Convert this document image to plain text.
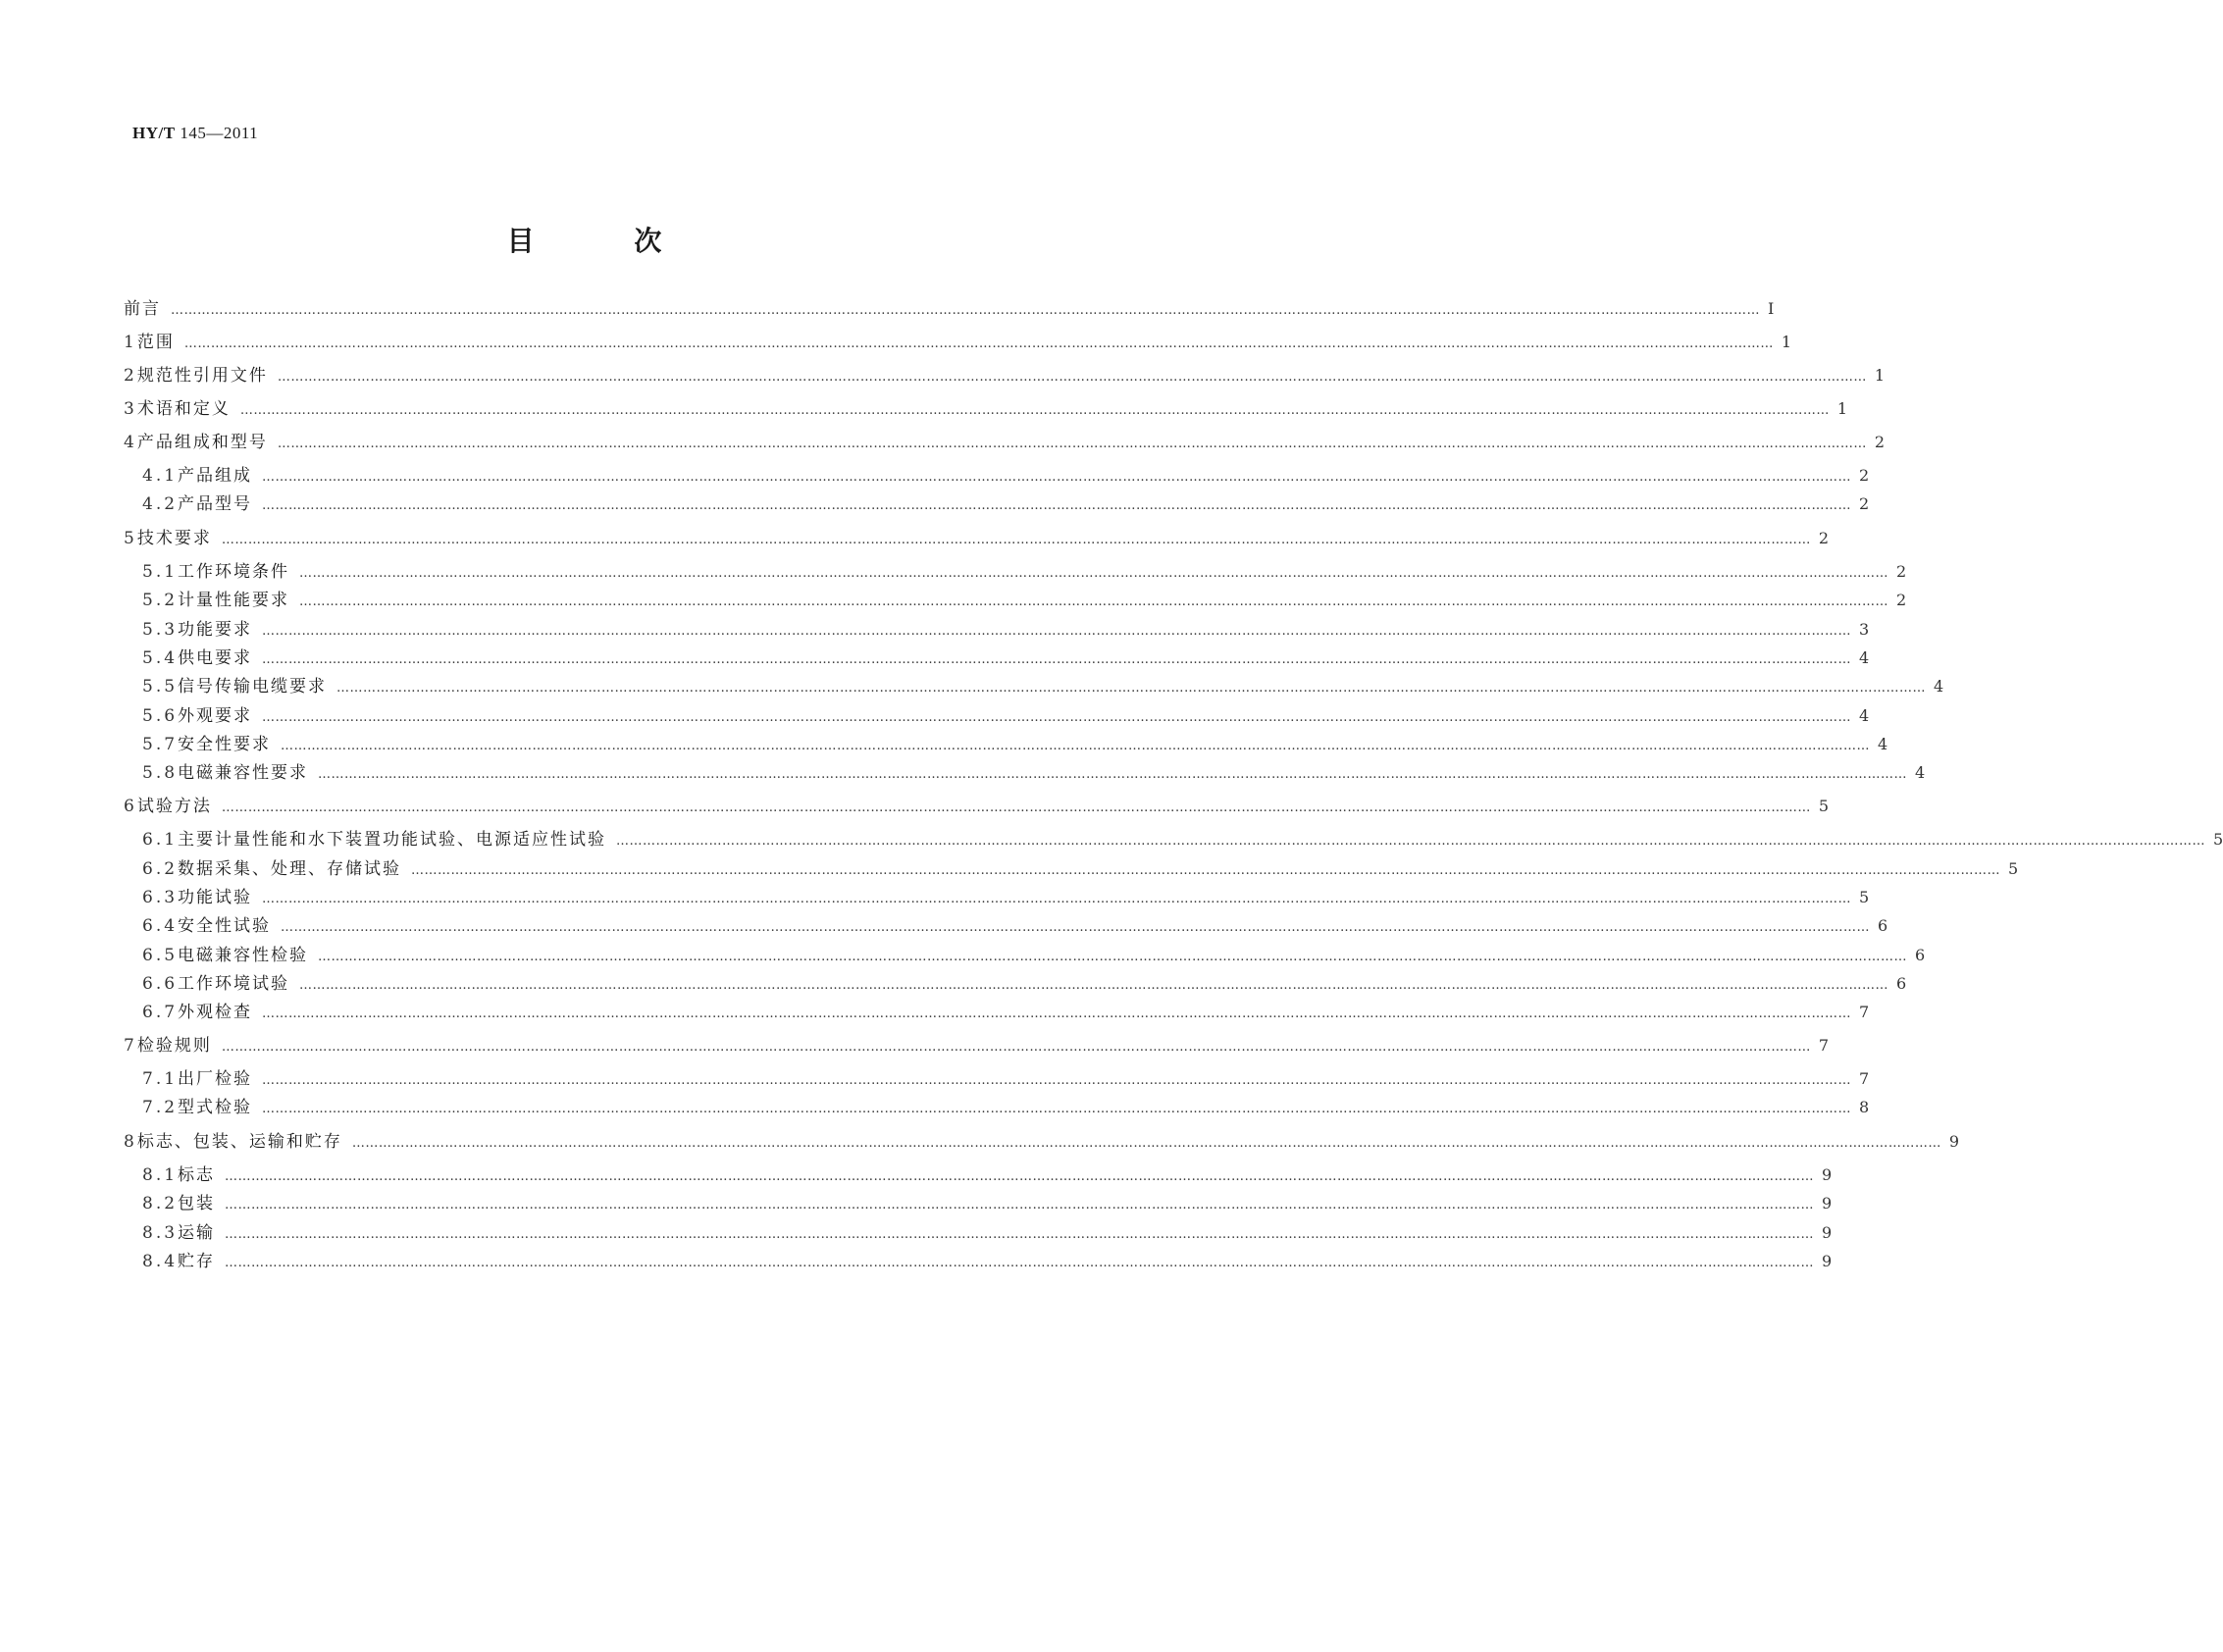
HY/T 145—2011
目 次
前言 ……………………………………………………………………………………………………………………………………………………………………………………………………………………………………………………………………………………………………………………………… Ⅰ
1 范围 ……………………………………………………………………………………………………………………………………………………………………………………………………………………………………………………………………………………………………………………………… 1
2 规范性引用文件 ……………………………………………………………………………………………………………………………………………………………………………………………………………………………………………………………………………………………………………………………… 1
3 术语和定义 ……………………………………………………………………………………………………………………………………………………………………………………………………………………………………………………………………………………………………………………………… 1
4 产品组成和型号 ……………………………………………………………………………………………………………………………………………………………………………………………………………………………………………………………………………………………………………………………… 2
4.1 产品组成 ……………………………………………………………………………………………………………………………………………………………………………………………………………………………………………………………………………………………………………………………… 2
4.2 产品型号 ……………………………………………………………………………………………………………………………………………………………………………………………………………………………………………………………………………………………………………………………… 2
5 技术要求 ……………………………………………………………………………………………………………………………………………………………………………………………………………………………………………………………………………………………………………………………… 2
5.1 工作环境条件 ……………………………………………………………………………………………………………………………………………………………………………………………………………………………………………………………………………………………………………………………… 2
5.2 计量性能要求 ……………………………………………………………………………………………………………………………………………………………………………………………………………………………………………………………………………………………………………………………… 2
5.3 功能要求 ……………………………………………………………………………………………………………………………………………………………………………………………………………………………………………………………………………………………………………………………… 3
5.4 供电要求 ……………………………………………………………………………………………………………………………………………………………………………………………………………………………………………………………………………………………………………………………… 4
5.5 信号传输电缆要求 ……………………………………………………………………………………………………………………………………………………………………………………………………………………………………………………………………………………………………………………………… 4
5.6 外观要求 ……………………………………………………………………………………………………………………………………………………………………………………………………………………………………………………………………………………………………………………………… 4
5.7 安全性要求 ……………………………………………………………………………………………………………………………………………………………………………………………………………………………………………………………………………………………………………………………… 4
5.8 电磁兼容性要求 ……………………………………………………………………………………………………………………………………………………………………………………………………………………………………………………………………………………………………………………………… 4
6 试验方法 ……………………………………………………………………………………………………………………………………………………………………………………………………………………………………………………………………………………………………………………………… 5
6.1 主要计量性能和水下装置功能试验、电源适应性试验 ……………………………………………………………………………………………………………………………………………………………………………………………………………………………………………………………………………………………………………………………… 5
6.2 数据采集、处理、存储试验 ……………………………………………………………………………………………………………………………………………………………………………………………………………………………………………………………………………………………………………………………… 5
6.3 功能试验 ……………………………………………………………………………………………………………………………………………………………………………………………………………………………………………………………………………………………………………………………… 5
6.4 安全性试验 ……………………………………………………………………………………………………………………………………………………………………………………………………………………………………………………………………………………………………………………………… 6
6.5 电磁兼容性检验 ……………………………………………………………………………………………………………………………………………………………………………………………………………………………………………………………………………………………………………………………… 6
6.6 工作环境试验 ……………………………………………………………………………………………………………………………………………………………………………………………………………………………………………………………………………………………………………………………… 6
6.7 外观检查 ……………………………………………………………………………………………………………………………………………………………………………………………………………………………………………………………………………………………………………………………… 7
7 检验规则 ……………………………………………………………………………………………………………………………………………………………………………………………………………………………………………………………………………………………………………………………… 7
7.1 出厂检验 ……………………………………………………………………………………………………………………………………………………………………………………………………………………………………………………………………………………………………………………………… 7
7.2 型式检验 ……………………………………………………………………………………………………………………………………………………………………………………………………………………………………………………………………………………………………………………………… 8
8 标志、包装、运输和贮存 ……………………………………………………………………………………………………………………………………………………………………………………………………………………………………………………………………………………………………………………………… 9
8.1 标志 ……………………………………………………………………………………………………………………………………………………………………………………………………………………………………………………………………………………………………………………………… 9
8.2 包装 ……………………………………………………………………………………………………………………………………………………………………………………………………………………………………………………………………………………………………………………………… 9
8.3 运输 ……………………………………………………………………………………………………………………………………………………………………………………………………………………………………………………………………………………………………………………………… 9
8.4 贮存 ……………………………………………………………………………………………………………………………………………………………………………………………………………………………………………………………………………………………………………………………… 9
